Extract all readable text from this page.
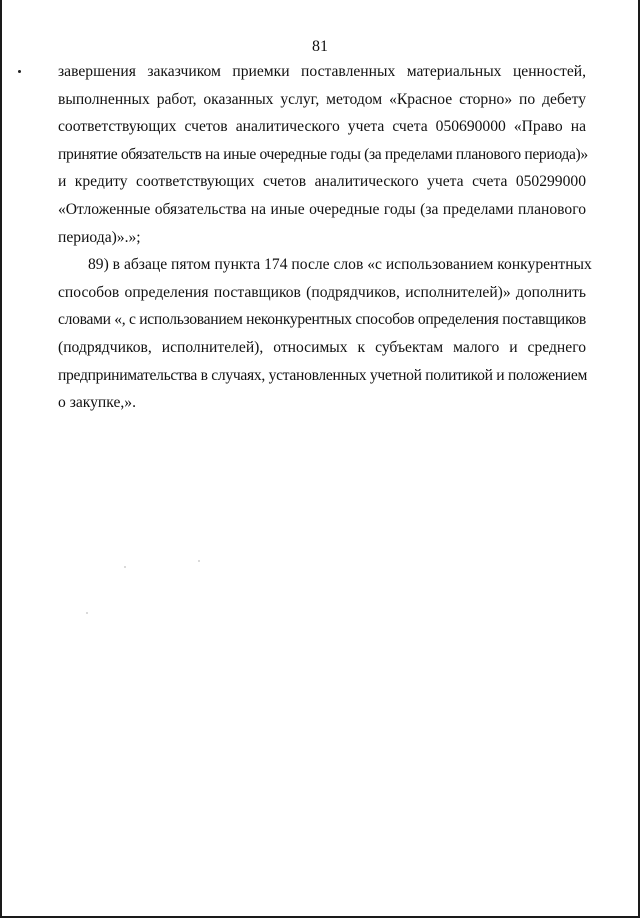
81
завершения заказчиком приемки поставленных материальных ценностей,
выполненных работ, оказанных услуг, методом «Красное сторно» по дебету
соответствующих счетов аналитического учета счета 050690000 «Право на
принятие обязательств на иные очередные годы (за пределами планового периода)»
и кредиту соответствующих счетов аналитического учета счета 050299000
«Отложенные обязательства на иные очередные годы (за пределами планового
периода)».»;
89) в абзаце пятом пункта 174 после слов «с использованием конкурентных
способов определения поставщиков (подрядчиков, исполнителей)» дополнить
словами «, с использованием неконкурентных способов определения поставщиков
(подрядчиков, исполнителей), относимых к субъектам малого и среднего
предпринимательства в случаях, установленных учетной политикой и положением
о закупке,».
